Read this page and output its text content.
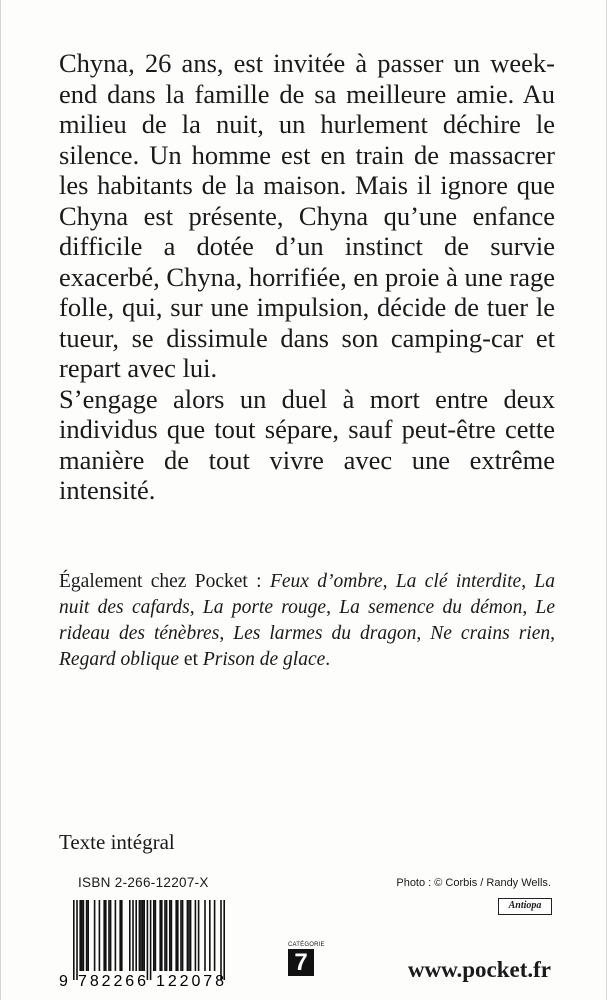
Chyna, 26 ans, est invitée à passer un week-end dans la famille de sa meilleure amie. Au milieu de la nuit, un hurlement déchire le silence. Un homme est en train de massacrer les habitants de la maison. Mais il ignore que Chyna est présente, Chyna qu’une enfance difficile a dotée d’un instinct de survie exacerbé, Chyna, horrifiée, en proie à une rage folle, qui, sur une impulsion, décide de tuer le tueur, se dissimule dans son camping-car et repart avec lui.

S’engage alors un duel à mort entre deux individus que tout sépare, sauf peut-être cette manière de tout vivre avec une extrême intensité.

Également chez Pocket : Feux d’ombre, La clé interdite, La nuit des cafards, La porte rouge, La semence du démon, Le rideau des ténèbres, Les larmes du dragon, Ne crains rien, Regard oblique et Prison de glace.

Texte intégral
ISBN 2-266-12207-X
9 782266 122078
Photo : © Corbis / Randy Wells.
Antiopa
CATÉGORIE
7	www.pocket.fr
